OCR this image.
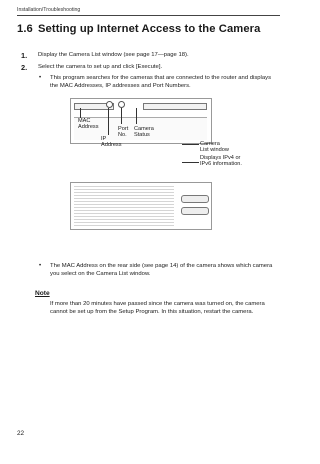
Installation/Troubleshooting
1.6 Setting up Internet Access to the Camera
1. Display the Camera List window (see page 17—page 18).
2. Select the camera to set up and click [Execute].
• This program searches for the cameras that are connected to the router and displays the MAC Addresses, IP addresses and Port Numbers.
MAC
Address
IP
Address
Port
No.
Camera
Status
Camera
List window
Displays IPv4 or
IPv6 information.
• The MAC Address on the rear side (see page 14) of the camera shows which camera you select on the Camera List window.
Note
If more than 20 minutes have passed since the camera was turned on, the camera cannot be set up from the Setup Program. In this situation, restart the camera.
22
